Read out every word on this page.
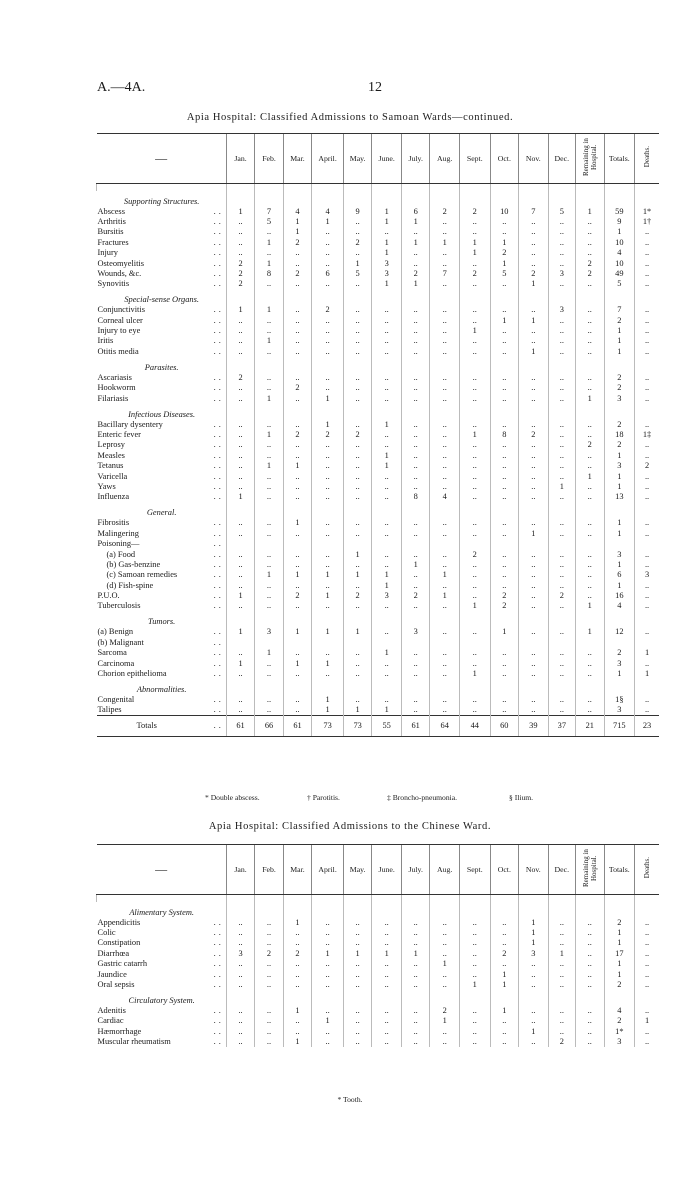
A.—4A.	12
Apia Hospital: Classified Admissions to Samoan Wards—continued.
—	Jan.	Feb.	Mar.	April.	May.	June.	July.	Aug.	Sept.	Oct.	Nov.	Dec.	Remaining in Hospital.	Totals.	Deaths.

Supporting Structures.															

..
Abscess	1	7	4	4	9	1	6	2	2	10	7	5	1	59	1*

..
Arthritis	..	5	1	1	..	1	1	..	..	..	..	..	..	9	1†

..
Bursitis	..	..	1	..	..	..	..	..	..	..	..	..	..	1	..

..
Fractures	..	1	2	..	2	1	1	1	1	1	..	..	..	10	..

..
Injury	..	..	..	..	..	1	..	..	1	2	..	..	..	4	..

..
Osteomyelitis	2	1	..	..	1	3	..	..	..	1	..	..	2	10	..

..
Wounds, &c.	2	8	2	6	5	3	2	7	2	5	2	3	2	49	..

..
Synovitis	2	..	..	..	..	1	1	..	..	..	1	..	..	5	..
Special-sense Organs.															

..
Conjunctivitis	1	1	..	2	..	..	..	..	..	..	..	3	..	7	..

..
Corneal ulcer	..	..	..	..	..	..	..	..	..	1	1	..	..	2	..

..
Injury to eye	..	..	..	..	..	..	..	..	1	..	..	..	..	1	..

..
Iritis	..	1	..	..	..	..	..	..	..	..	..	..	..	1	..

..
Otitis media	..	..	..	..	..	..	..	..	..	..	1	..	..	1	..
Parasites.															

..
Ascariasis	2	..	..	..	..	..	..	..	..	..	..	..	..	2	..

..
Hookworm	..	..	2	..	..	..	..	..	..	..	..	..	..	2	..

..
Filariasis	..	1	..	1	..	..	..	..	..	..	..	..	1	3	..
Infectious Diseases.															

..
Bacillary dysentery	..	..	..	1	..	1	..	..	..	..	..	..	..	2	..

..
Enteric fever	..	1	2	2	2	..	..	..	1	8	2	..	..	18	1‡

..
Leprosy	..	..	..	..	..	..	..	..	..	..	..	..	2	2	..

..
Measles	..	..	..	..	..	1	..	..	..	..	..	..	..	1	..

..
Tetanus	..	1	1	..	..	1	..	..	..	..	..	..	..	3	2

..
Varicella	..	..	..	..	..	..	..	..	..	..	..	..	1	1	..

..
Yaws	..	..	..	..	..	..	..	..	..	..	..	1	..	1	..

..
Influenza	1	..	..	..	..	..	8	4	..	..	..	..	..	13	..
General.															

..
Fibrositis	..	..	1	..	..	..	..	..	..	..	..	..	..	1	..

..
Malingering	..	..	..	..	..	..	..	..	..	..	1	..	..	1	..

..
Poisoning—															

..
(a) Food	..	..	..	..	1	..	..	..	2	..	..	..	..	3	..

..
(b) Gas-benzine	..	..	..	..	..	..	1	..	..	..	..	..	..	1	..

..
(c) Samoan remedies	..	1	1	1	1	1	..	1	..	..	..	..	..	6	3

..
(d) Fish-spine	..	..	..	..	..	1	..	..	..	..	..	..	..	1	..

..
P.U.O.	1	..	2	1	2	3	2	1	..	2	..	2	..	16	..

..
Tuberculosis	..	..	..	..	..	..	..	..	1	2	..	..	1	4	..
Tumors.															

..
(a) Benign	1	3	1	1	1	..	3	..	..	1	..	..	1	12	..

..
(b) Malignant															

..
Sarcoma	..	1	..	..	..	1	..	..	..	..	..	..	..	2	1

..
Carcinoma	1	..	1	1	..	..	..	..	..	..	..	..	..	3	..

..
Chorion epithelioma	..	..	..	..	..	..	..	..	1	..	..	..	..	1	1
Abnormalities.															

..
Congenital	..	..	..	1	..	..	..	..	..	..	..	..	..	1§	..

..
Talipes	..	..	..	1	1	1	..	..	..	..	..	..	..	3	..

..
Totals	61	66	61	73	73	55	61	64	44	60	39	37	21	715	23
* Double abscess.	† Parotitis.	‡ Broncho-pneumonia.	§ Ilium.
Apia Hospital: Classified Admissions to the Chinese Ward.
—	Jan.	Feb.	Mar.	April.	May.	June.	July.	Aug.	Sept.	Oct.	Nov.	Dec.	Remaining in Hospital.	Totals.	Deaths.

Alimentary System.															

..
Appendicitis	..	..	1	..	..	..	..	..	..	..	1	..	..	2	..

..
Colic	..	..	..	..	..	..	..	..	..	..	1	..	..	1	..

..
Constipation	..	..	..	..	..	..	..	..	..	..	1	..	..	1	..

..
Diarrhœa	3	2	2	1	1	1	1	..	..	2	3	1	..	17	..

..
Gastric catarrh	..	..	..	..	..	..	..	1	..	..	..	..	..	1	..

..
Jaundice	..	..	..	..	..	..	..	..	..	1	..	..	..	1	..

..
Oral sepsis	..	..	..	..	..	..	..	..	1	1	..	..	..	2	..
Circulatory System.															

..
Adenitis	..	..	1	..	..	..	..	2	..	1	..	..	..	4	..

..
Cardiac	..	..	..	1	..	..	..	1	..	..	..	..	..	2	1

..
Hæmorrhage	..	..	..	..	..	..	..	..	..	..	1	..	..	1*	..

..
Muscular rheumatism	..	..	1	..	..	..	..	..	..	..	..	2	..	3	..
* Tooth.
